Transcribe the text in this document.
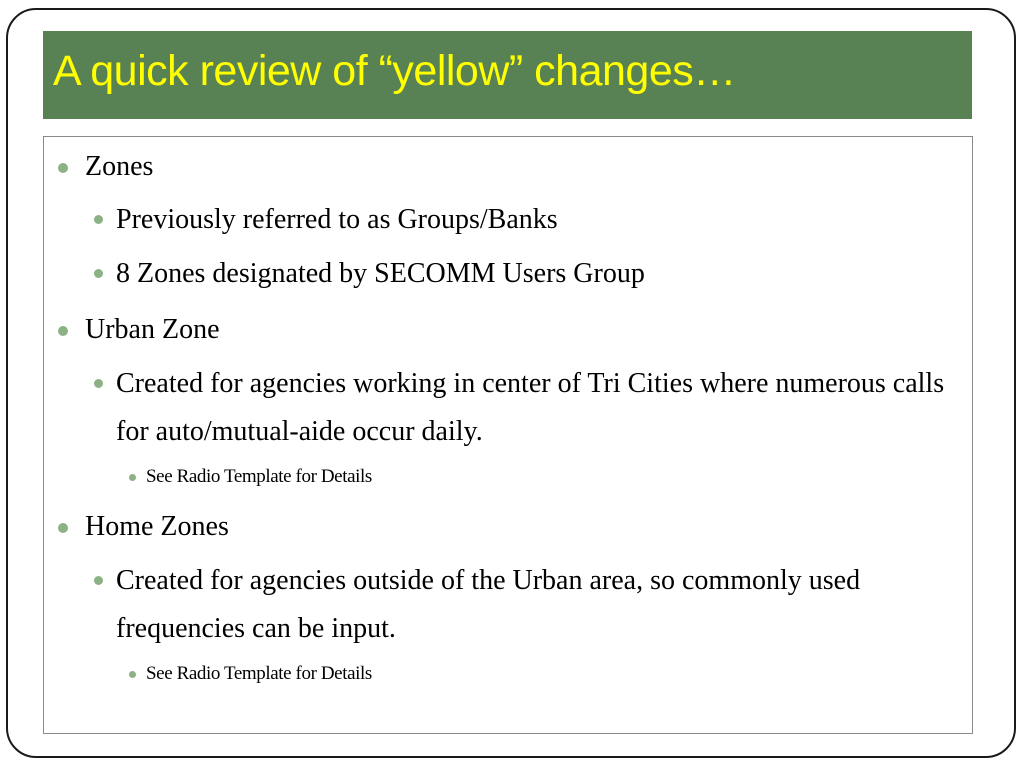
A quick review of “yellow” changes…
Zones
Previously referred to as Groups/Banks
8 Zones designated by SECOMM Users Group
Urban Zone
Created for agencies working in center of Tri Cities where numerous calls for auto/mutual-aide occur daily.
See Radio Template for Details
Home Zones
Created for agencies outside of the Urban area, so commonly used frequencies can be input.
See Radio Template for Details
